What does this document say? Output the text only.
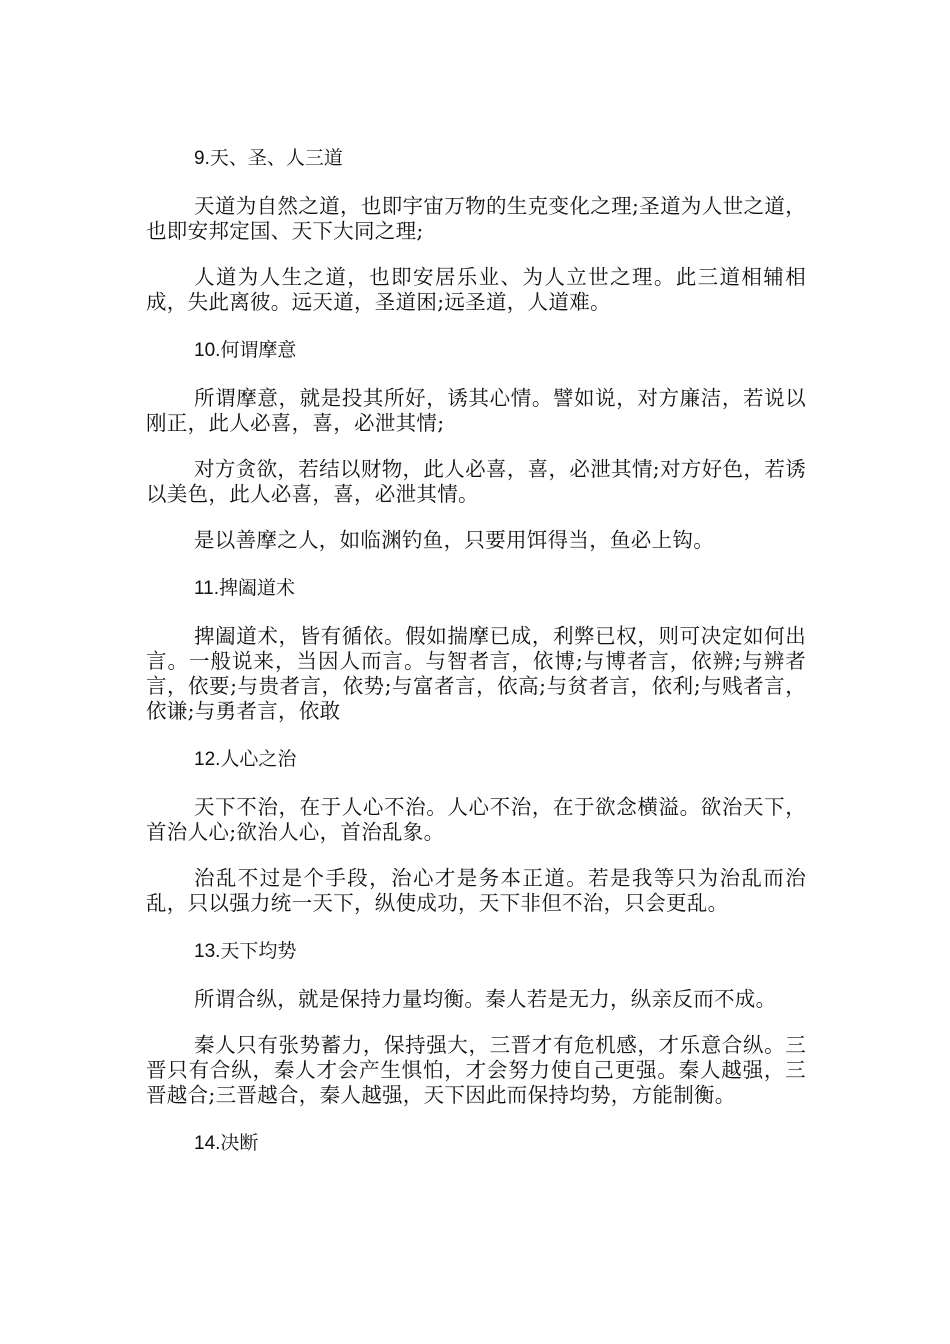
9.天、圣、人三道

天道为自然之道，也即宇宙万物的生克变化之理;圣道为人世之道，也即安邦定国、天下大同之理;

人道为人生之道，也即安居乐业、为人立世之理。此三道相辅相成，失此离彼。远天道，圣道困;远圣道，人道难。

10.何谓摩意

所谓摩意，就是投其所好，诱其心情。譬如说，对方廉洁，若说以刚正，此人必喜，喜，必泄其情;

对方贪欲，若结以财物，此人必喜，喜，必泄其情;对方好色，若诱以美色，此人必喜，喜，必泄其情。

是以善摩之人，如临渊钓鱼，只要用饵得当，鱼必上钩。

11.捭阖道术

捭阖道术，皆有循依。假如揣摩已成，利弊已权，则可决定如何出言。一般说来，当因人而言。与智者言，依博;与博者言，依辨;与辨者言，依要;与贵者言，依势;与富者言，依高;与贫者言，依利;与贱者言，依谦;与勇者言，依敢

12.人心之治

天下不治，在于人心不治。人心不治，在于欲念横溢。欲治天下，首治人心;欲治人心，首治乱象。

治乱不过是个手段，治心才是务本正道。若是我等只为治乱而治乱，只以强力统一天下，纵使成功，天下非但不治，只会更乱。

13.天下均势

所谓合纵，就是保持力量均衡。秦人若是无力，纵亲反而不成。

秦人只有张势蓄力，保持强大，三晋才有危机感，才乐意合纵。三晋只有合纵，秦人才会产生惧怕，才会努力使自己更强。秦人越强，三晋越合;三晋越合，秦人越强，天下因此而保持均势，方能制衡。

14.决断
